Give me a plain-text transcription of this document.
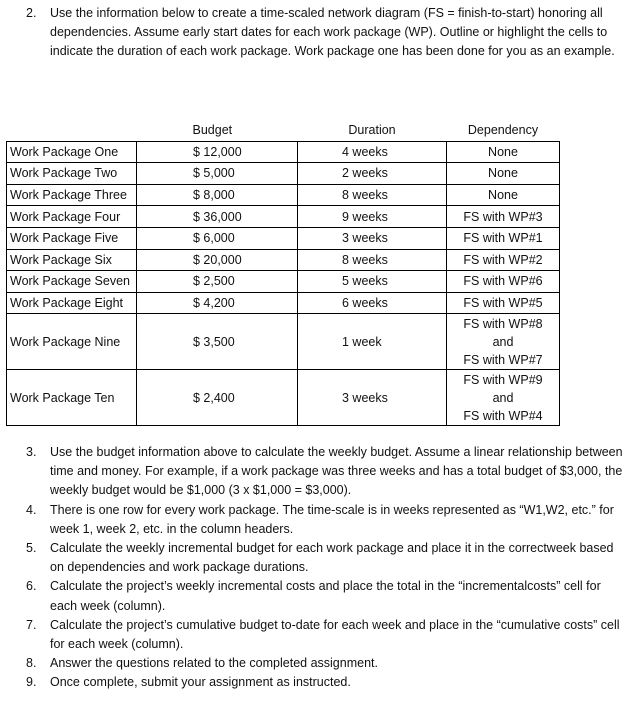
2. Use the information below to create a time-scaled network diagram (FS = finish-to-start) honoring all dependencies. Assume early start dates for each work package (WP). Outline or highlight the cells to indicate the duration of each work package. Work package one has been done for you as an example.
	Budget	Duration	Dependency
Work Package One	$ 12,000	4 weeks	None

Work Package Two	$ 5,000	2 weeks	None

Work Package Three	$ 8,000	8 weeks	None

Work Package Four	$ 36,000	9 weeks	FS with WP#3

Work Package Five	$ 6,000	3 weeks	FS with WP#1

Work Package Six	$ 20,000	8 weeks	FS with WP#2

Work Package Seven	$ 2,500	5 weeks	FS with WP#6

Work Package Eight	$ 4,200	6 weeks	FS with WP#5

Work Package Nine	$ 3,500	1 week	FS with WP#8
and
FS with WP#7

Work Package Ten	$ 2,400	3 weeks	FS with WP#9
and
FS with WP#4
3. Use the budget information above to calculate the weekly budget. Assume a linear relationship between time and money. For example, if a work package was three weeks and has a total budget of $3,000, the weekly budget would be $1,000 (3 x $1,000 = $3,000).
4. There is one row for every work package. The time-scale is in weeks represented as “W1,W2, etc.” for week 1, week 2, etc. in the column headers.
5. Calculate the weekly incremental budget for each work package and place it in the correctweek based on dependencies and work package durations.
6. Calculate the project’s weekly incremental costs and place the total in the “incrementalcosts” cell for each week (column).
7. Calculate the project’s cumulative budget to-date for each week and place in the “cumulative costs” cell for each week (column).
8. Answer the questions related to the completed assignment.
9. Once complete, submit your assignment as instructed.
